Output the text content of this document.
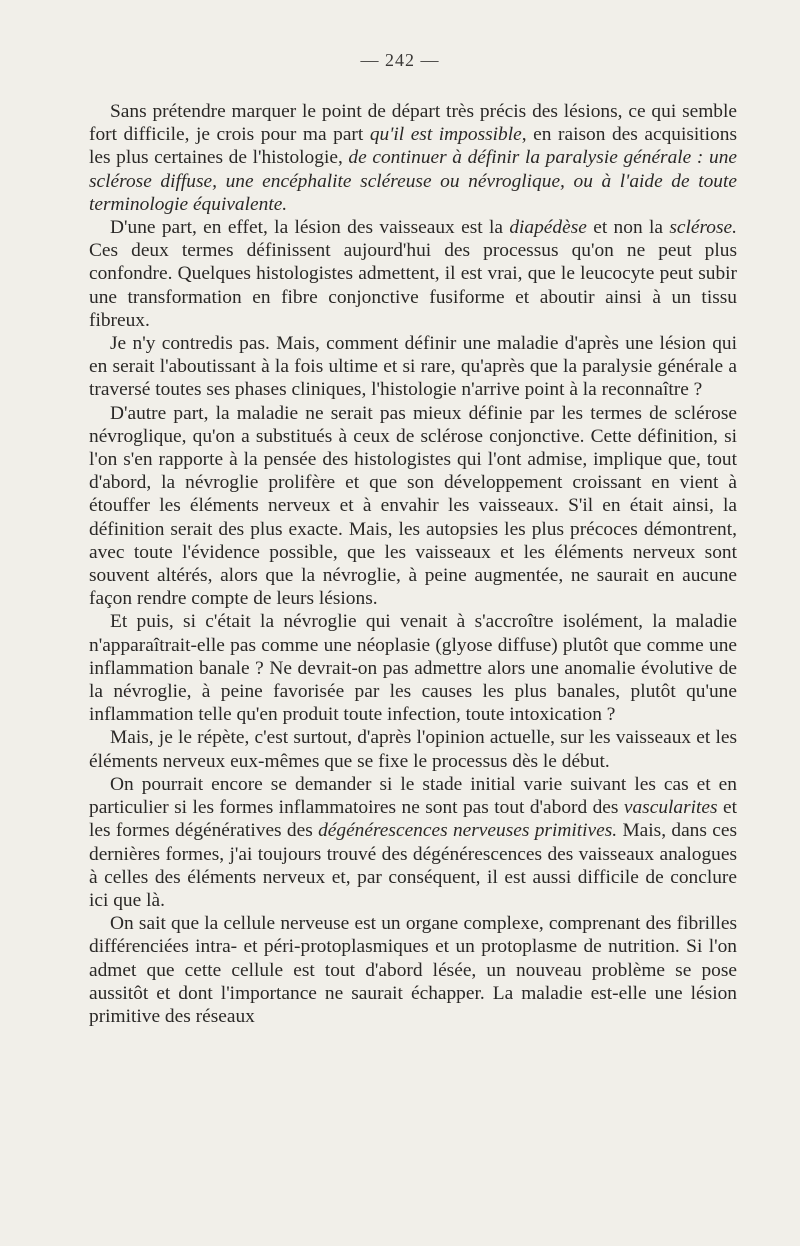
— 242 —

Sans prétendre marquer le point de départ très précis des lésions, ce qui semble fort difficile, je crois pour ma part qu'il est impossible, en raison des acquisitions les plus certaines de l'histologie, de continuer à définir la paralysie générale : une sclérose diffuse, une encéphalite scléreuse ou névroglique, ou à l'aide de toute terminologie équivalente.

D'une part, en effet, la lésion des vaisseaux est la diapédèse et non la sclérose. Ces deux termes définissent aujourd'hui des processus qu'on ne peut plus confondre. Quelques histologistes admettent, il est vrai, que le leucocyte peut subir une transformation en fibre conjonctive fusiforme et aboutir ainsi à un tissu fibreux.

Je n'y contredis pas. Mais, comment définir une maladie d'après une lésion qui en serait l'aboutissant à la fois ultime et si rare, qu'après que la paralysie générale a traversé toutes ses phases cliniques, l'histologie n'arrive point à la reconnaître ?

D'autre part, la maladie ne serait pas mieux définie par les termes de sclérose névroglique, qu'on a substitués à ceux de sclérose conjonctive. Cette définition, si l'on s'en rapporte à la pensée des histologistes qui l'ont admise, implique que, tout d'abord, la névroglie prolifère et que son développement croissant en vient à étouffer les éléments nerveux et à envahir les vaisseaux. S'il en était ainsi, la définition serait des plus exacte. Mais, les autopsies les plus précoces démontrent, avec toute l'évidence possible, que les vaisseaux et les éléments nerveux sont souvent altérés, alors que la névroglie, à peine augmentée, ne saurait en aucune façon rendre compte de leurs lésions.

Et puis, si c'était la névroglie qui venait à s'accroître isolément, la maladie n'apparaîtrait-elle pas comme une néoplasie (glyose diffuse) plutôt que comme une inflammation banale ? Ne devrait-on pas admettre alors une anomalie évolutive de la névroglie, à peine favorisée par les causes les plus banales, plutôt qu'une inflammation telle qu'en produit toute infection, toute intoxication ?

Mais, je le répète, c'est surtout, d'après l'opinion actuelle, sur les vaisseaux et les éléments nerveux eux-mêmes que se fixe le processus dès le début.

On pourrait encore se demander si le stade initial varie suivant les cas et en particulier si les formes inflammatoires ne sont pas tout d'abord des vascularites et les formes dégénératives des dégénérescences nerveuses primitives. Mais, dans ces dernières formes, j'ai toujours trouvé des dégénérescences des vaisseaux analogues à celles des éléments nerveux et, par conséquent, il est aussi difficile de conclure ici que là.

On sait que la cellule nerveuse est un organe complexe, comprenant des fibrilles différenciées intra- et péri-protoplasmiques et un protoplasme de nutrition. Si l'on admet que cette cellule est tout d'abord lésée, un nouveau problème se pose aussitôt et dont l'importance ne saurait échapper. La maladie est-elle une lésion primitive des réseaux
